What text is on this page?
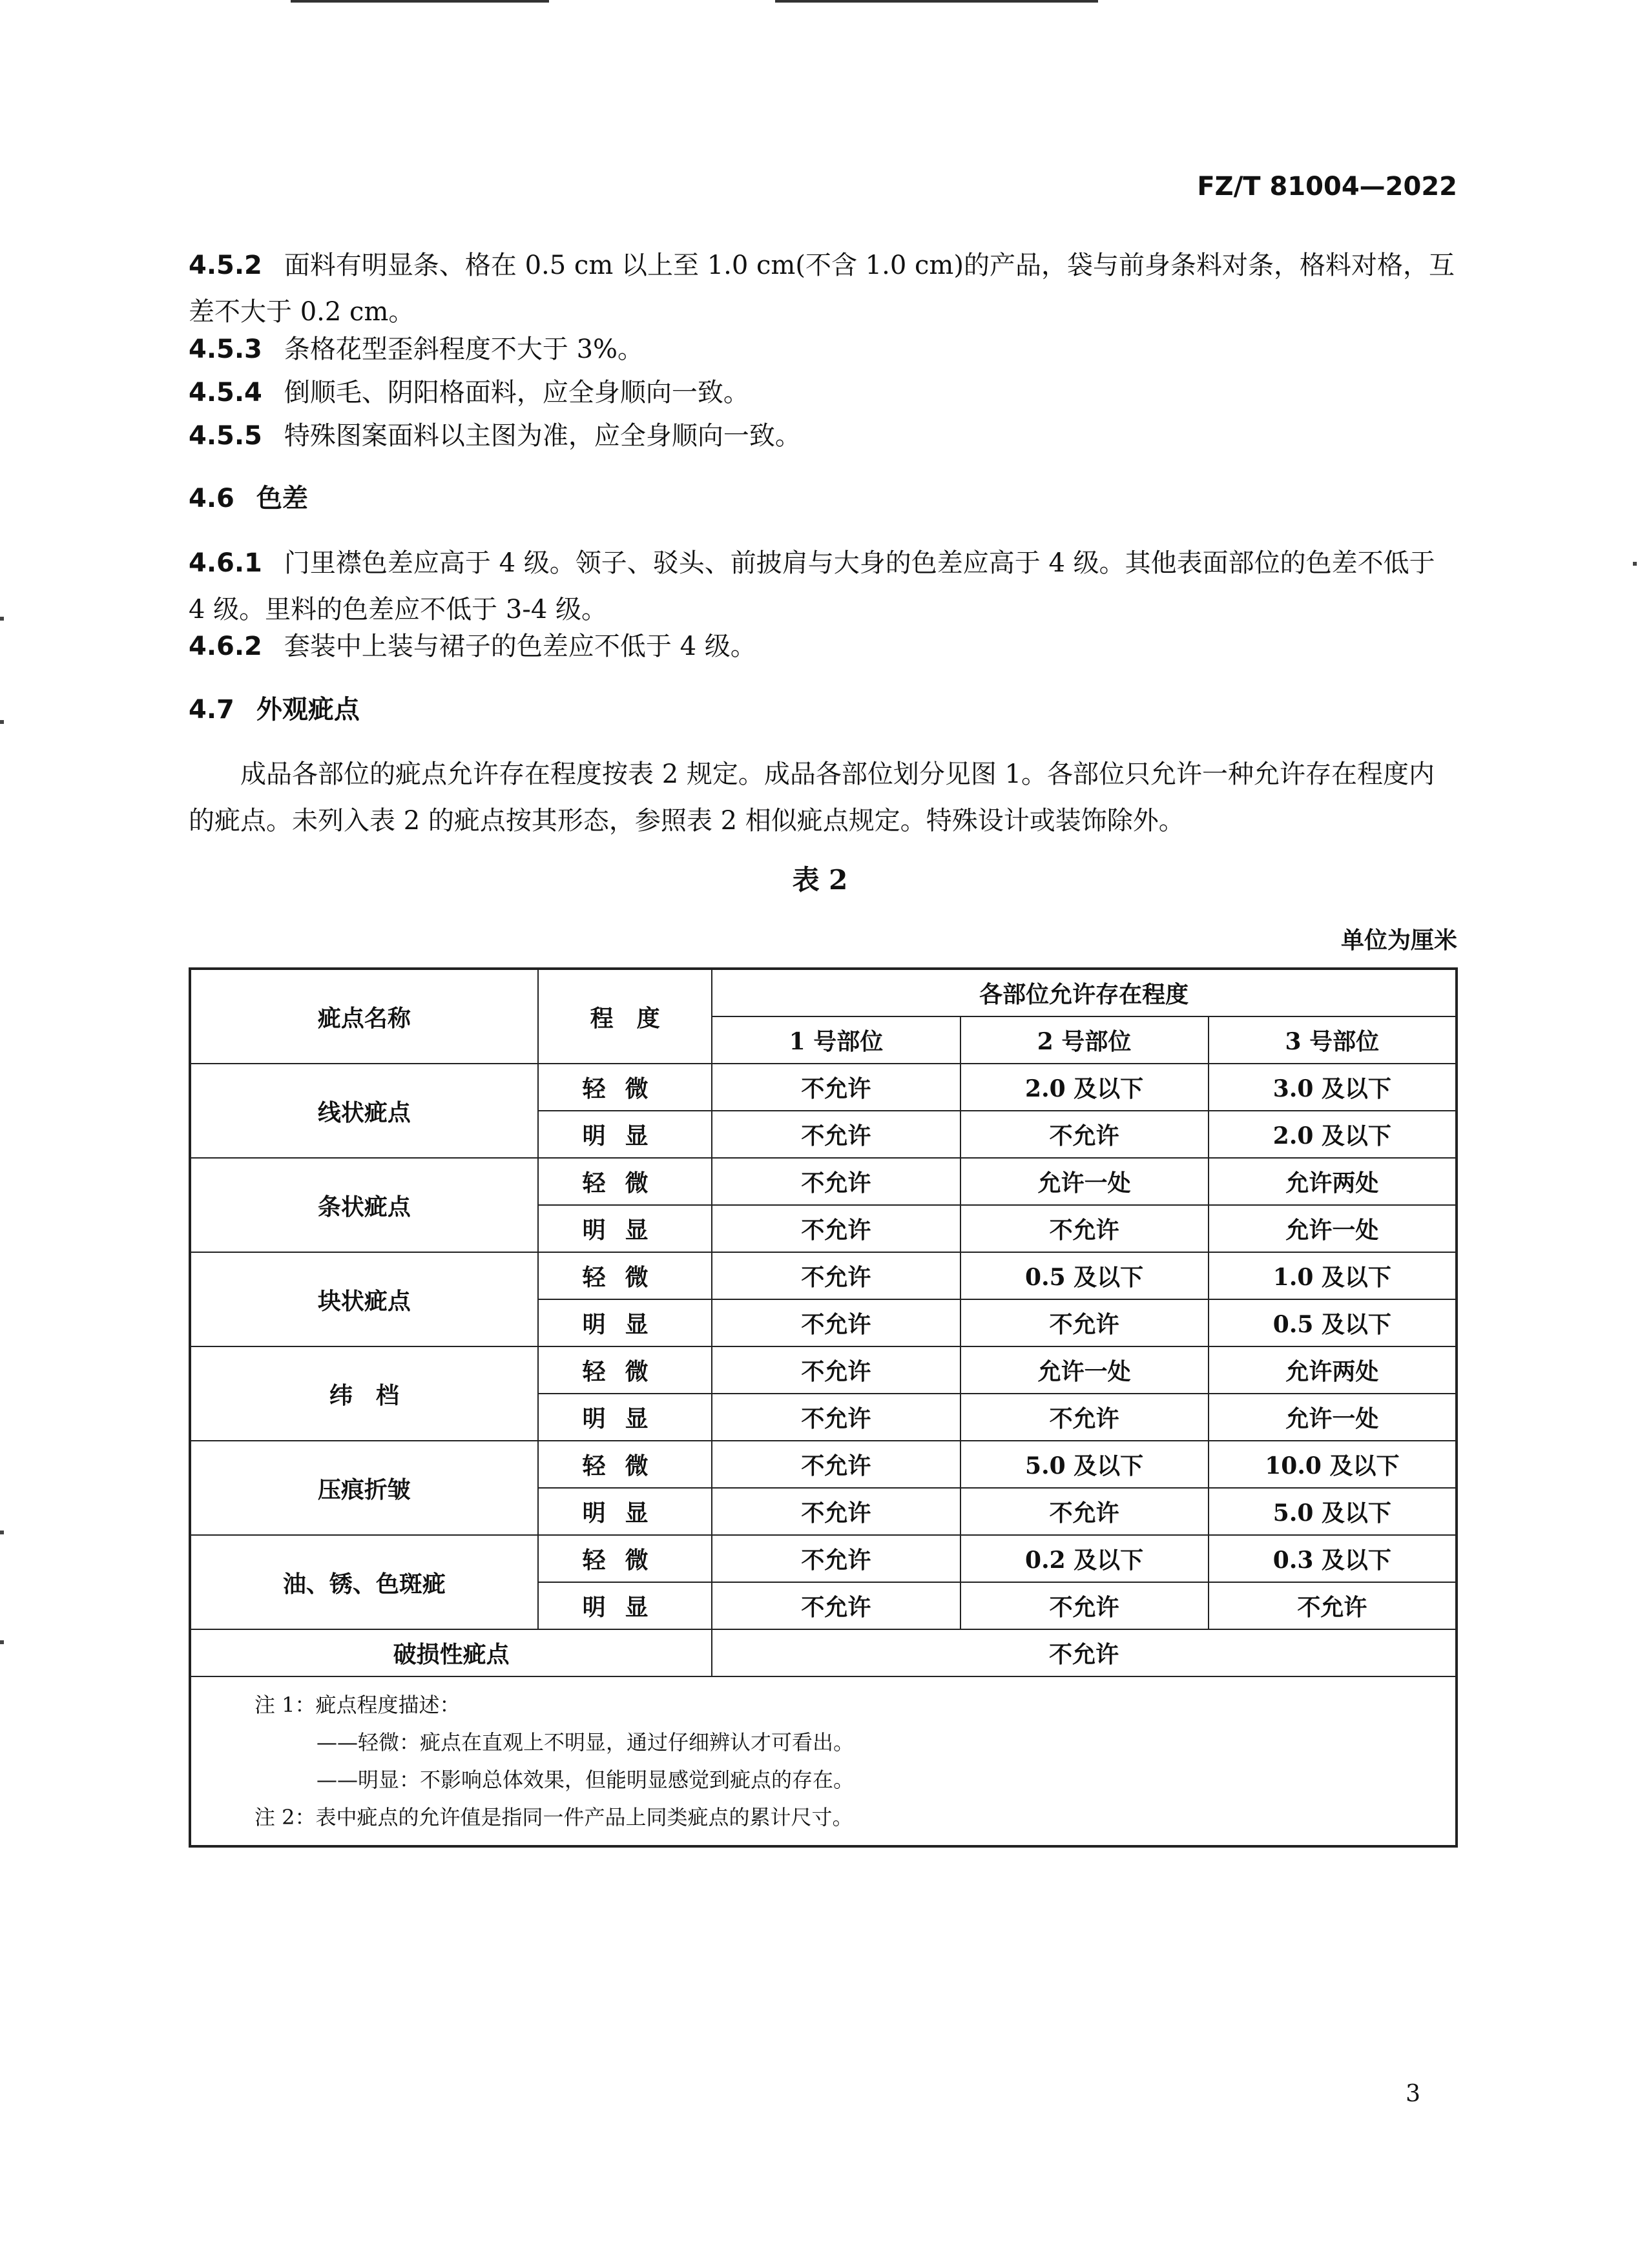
FZ/T 81004—2022
4.5.2 面料有明显条、格在 0.5 cm 以上至 1.0 cm(不含 1.0 cm)的产品，袋与前身条料对条，格料对格，互差不大于 0.2 cm。
4.5.3 条格花型歪斜程度不大于 3%。
4.5.4 倒顺毛、阴阳格面料，应全身顺向一致。
4.5.5 特殊图案面料以主图为准，应全身顺向一致。
4.6 色差
4.6.1 门里襟色差应高于 4 级。领子、驳头、前披肩与大身的色差应高于 4 级。其他表面部位的色差不低于 4 级。里料的色差应不低于 3-4 级。
4.6.2 套装中上装与裙子的色差应不低于 4 级。
4.7 外观疵点
成品各部位的疵点允许存在程度按表 2 规定。成品各部位划分见图 1。各部位只允许一种允许存在程度内的疵点。未列入表 2 的疵点按其形态，参照表 2 相似疵点规定。特殊设计或装饰除外。
表 2
单位为厘米
疵点名称	程　度	各部位允许存在程度		
		1 号部位	2 号部位	3 号部位
线状疵点	轻微	不允许	2.0 及以下	3.0 及以下
	明显	不允许	不允许	2.0 及以下
条状疵点	轻微	不允许	允许一处	允许两处
	明显	不允许	不允许	允许一处
块状疵点	轻微	不允许	0.5 及以下	1.0 及以下
	明显	不允许	不允许	0.5 及以下
纬　档	轻微	不允许	允许一处	允许两处
	明显	不允许	不允许	允许一处
压痕折皱	轻微	不允许	5.0 及以下	10.0 及以下
	明显	不允许	不允许	5.0 及以下
油、锈、色斑疵	轻微	不允许	0.2 及以下	0.3 及以下
	明显	不允许	不允许	不允许
破损性疵点		不允许		

注 1：疵点程度描述：
——轻微：疵点在直观上不明显，通过仔细辨认才可看出。
——明显：不影响总体效果，但能明显感觉到疵点的存在。
注 2：表中疵点的允许值是指同一件产品上同类疵点的累计尺寸。				
3
